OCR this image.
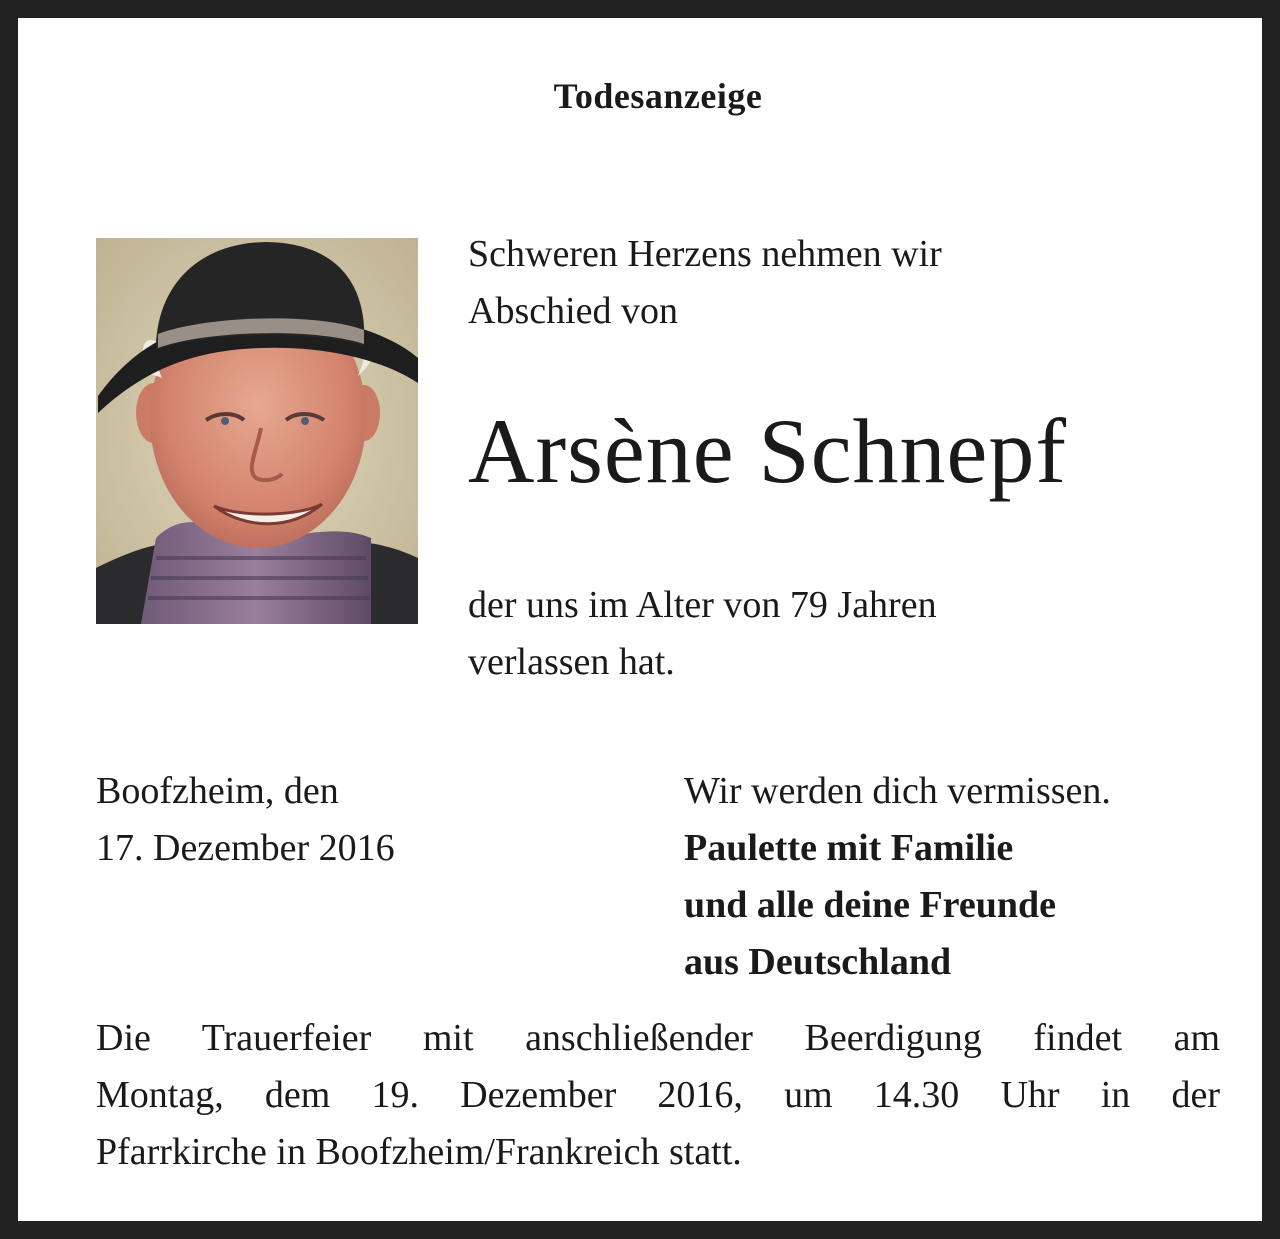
Todesanzeige
Schweren Herzens nehmen wir
Abschied von
Arsène Schnepf
der uns im Alter von 79 Jahren
verlassen hat.
Boofzheim, den
17. Dezember 2016
Wir werden dich vermissen.
Paulette mit Familie
und alle deine Freunde
aus Deutschland
Die Trauerfeier mit anschließender Beerdigung findet am
Montag, dem 19. Dezember 2016, um 14.30 Uhr in der
Pfarrkirche in Boofzheim/Frankreich statt.
